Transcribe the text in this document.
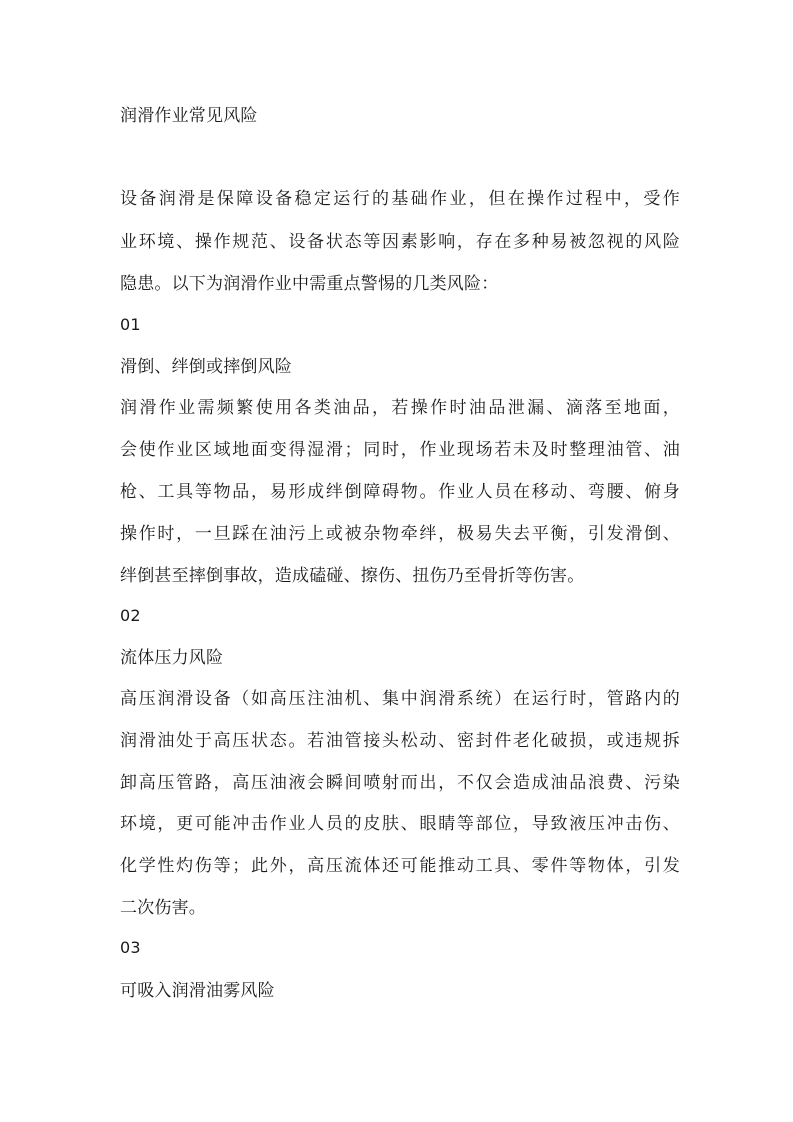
润滑作业常见风险
设备润滑是保障设备稳定运行的基础作业，但在操作过程中，受作
业环境、操作规范、设备状态等因素影响，存在多种易被忽视的风险
隐患。以下为润滑作业中需重点警惕的几类风险：
01
滑倒、绊倒或摔倒风险
润滑作业需频繁使用各类油品，若操作时油品泄漏、滴落至地面，
会使作业区域地面变得湿滑；同时，作业现场若未及时整理油管、油
枪、工具等物品，易形成绊倒障碍物。作业人员在移动、弯腰、俯身
操作时，一旦踩在油污上或被杂物牵绊，极易失去平衡，引发滑倒、
绊倒甚至摔倒事故，造成磕碰、擦伤、扭伤乃至骨折等伤害。
02
流体压力风险
高压润滑设备（如高压注油机、集中润滑系统）在运行时，管路内的
润滑油处于高压状态。若油管接头松动、密封件老化破损，或违规拆
卸高压管路，高压油液会瞬间喷射而出，不仅会造成油品浪费、污染
环境，更可能冲击作业人员的皮肤、眼睛等部位，导致液压冲击伤、
化学性灼伤等；此外，高压流体还可能推动工具、零件等物体，引发
二次伤害。
03
可吸入润滑油雾风险
